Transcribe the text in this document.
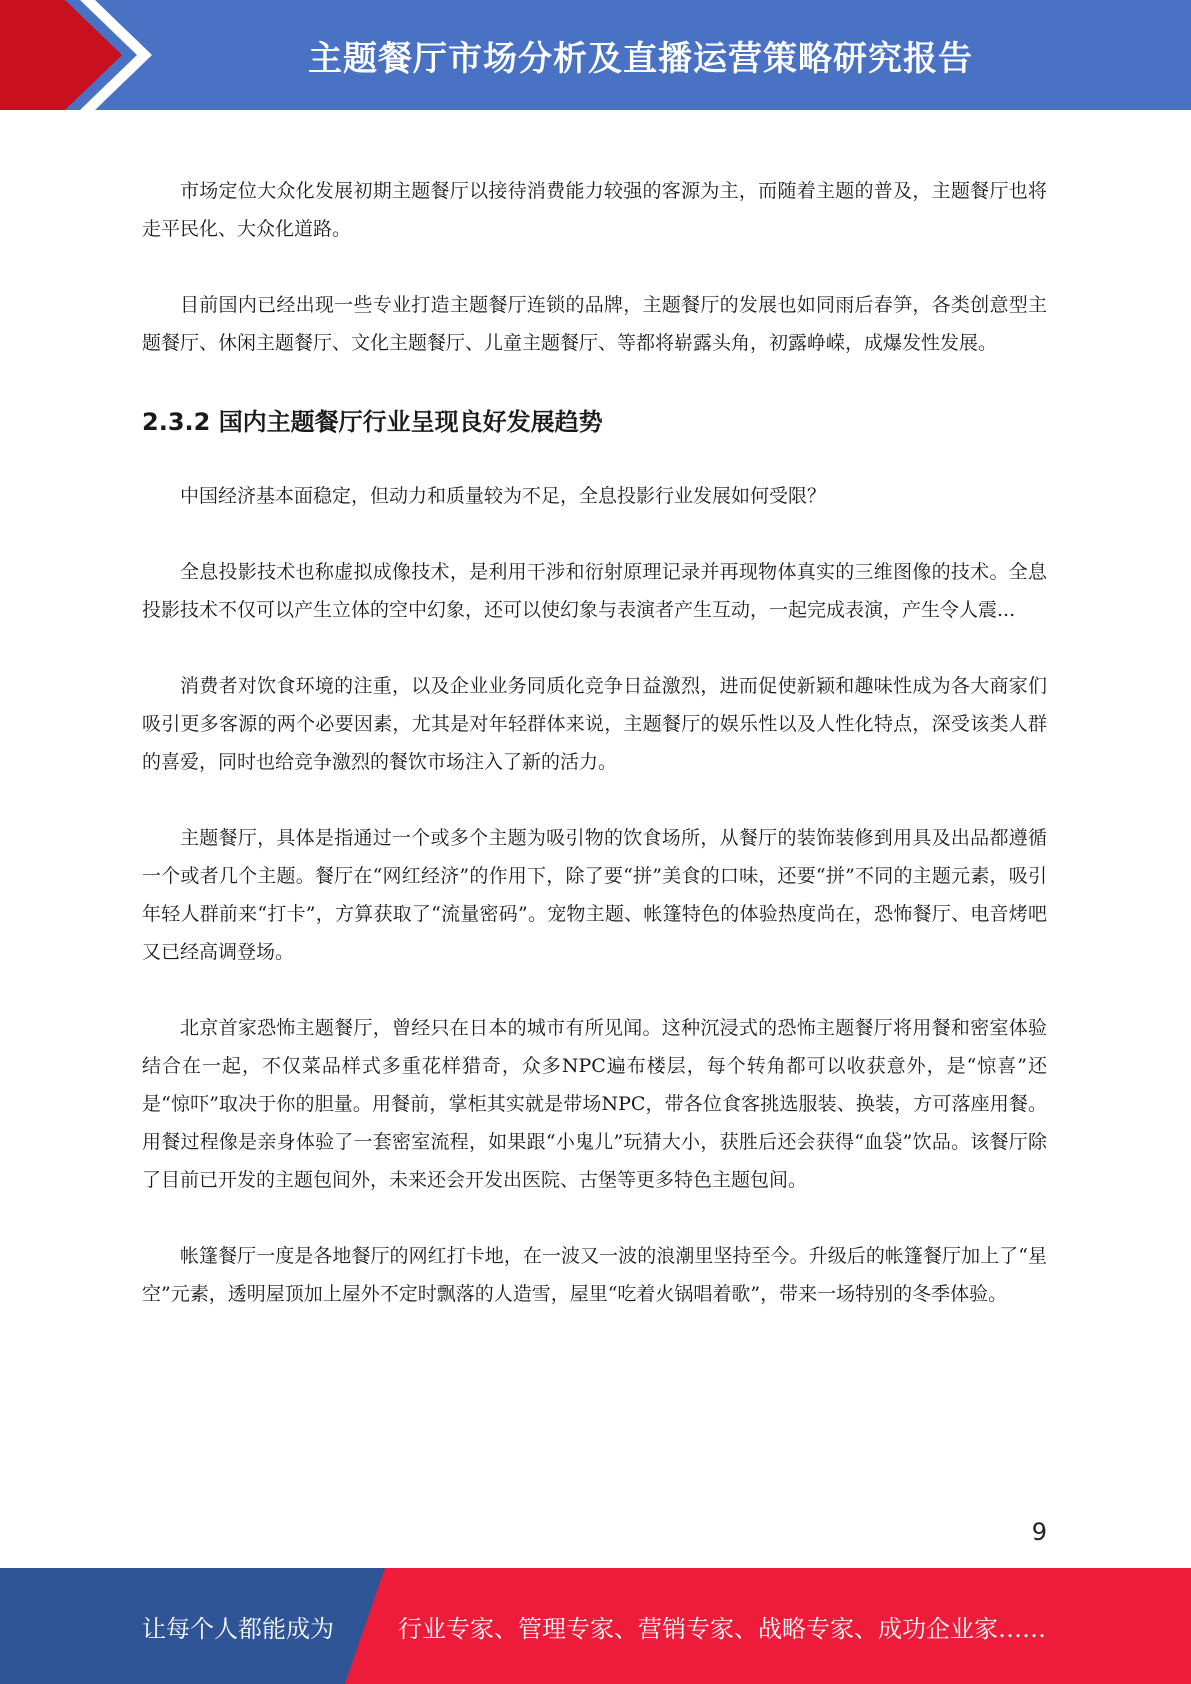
主题餐厅市场分析及直播运营策略研究报告

市场定位大众化发展初期主题餐厅以接待消费能力较强的客源为主，而随着主题的普及，主题餐厅也将走平民化、大众化道路。

目前国内已经出现一些专业打造主题餐厅连锁的品牌，主题餐厅的发展也如同雨后春笋，各类创意型主题餐厅、休闲主题餐厅、文化主题餐厅、儿童主题餐厅、等都将崭露头角，初露峥嵘，成爆发性发展。

2.3.2 国内主题餐厅行业呈现良好发展趋势

中国经济基本面稳定，但动力和质量较为不足，全息投影行业发展如何受限？

全息投影技术也称虚拟成像技术，是利用干涉和衍射原理记录并再现物体真实的三维图像的技术。全息投影技术不仅可以产生立体的空中幻象，还可以使幻象与表演者产生互动，一起完成表演，产生令人震...

消费者对饮食环境的注重，以及企业业务同质化竞争日益激烈，进而促使新颖和趣味性成为各大商家们吸引更多客源的两个必要因素，尤其是对年轻群体来说，主题餐厅的娱乐性以及人性化特点，深受该类人群的喜爱，同时也给竞争激烈的餐饮市场注入了新的活力。

主题餐厅，具体是指通过一个或多个主题为吸引物的饮食场所，从餐厅的装饰装修到用具及出品都遵循一个或者几个主题。餐厅在“网红经济”的作用下，除了要“拼”美食的口味，还要“拼”不同的主题元素，吸引年轻人群前来“打卡”，方算获取了“流量密码”。宠物主题、帐篷特色的体验热度尚在，恐怖餐厅、电音烤吧又已经高调登场。

北京首家恐怖主题餐厅，曾经只在日本的城市有所见闻。这种沉浸式的恐怖主题餐厅将用餐和密室体验结合在一起，不仅菜品样式多重花样猎奇，众多NPC遍布楼层，每个转角都可以收获意外，是“惊喜”还是“惊吓”取决于你的胆量。用餐前，掌柜其实就是带场NPC，带各位食客挑选服装、换装，方可落座用餐。用餐过程像是亲身体验了一套密室流程，如果跟“小鬼儿”玩猜大小，获胜后还会获得“血袋”饮品。该餐厅除了目前已开发的主题包间外，未来还会开发出医院、古堡等更多特色主题包间。

帐篷餐厅一度是各地餐厅的网红打卡地，在一波又一波的浪潮里坚持至今。升级后的帐篷餐厅加上了“星空”元素，透明屋顶加上屋外不定时飘落的人造雪，屋里“吃着火锅唱着歌”，带来一场特别的冬季体验。

9
让每个人都能成为	行业专家、管理专家、营销专家、战略专家、成功企业家……
